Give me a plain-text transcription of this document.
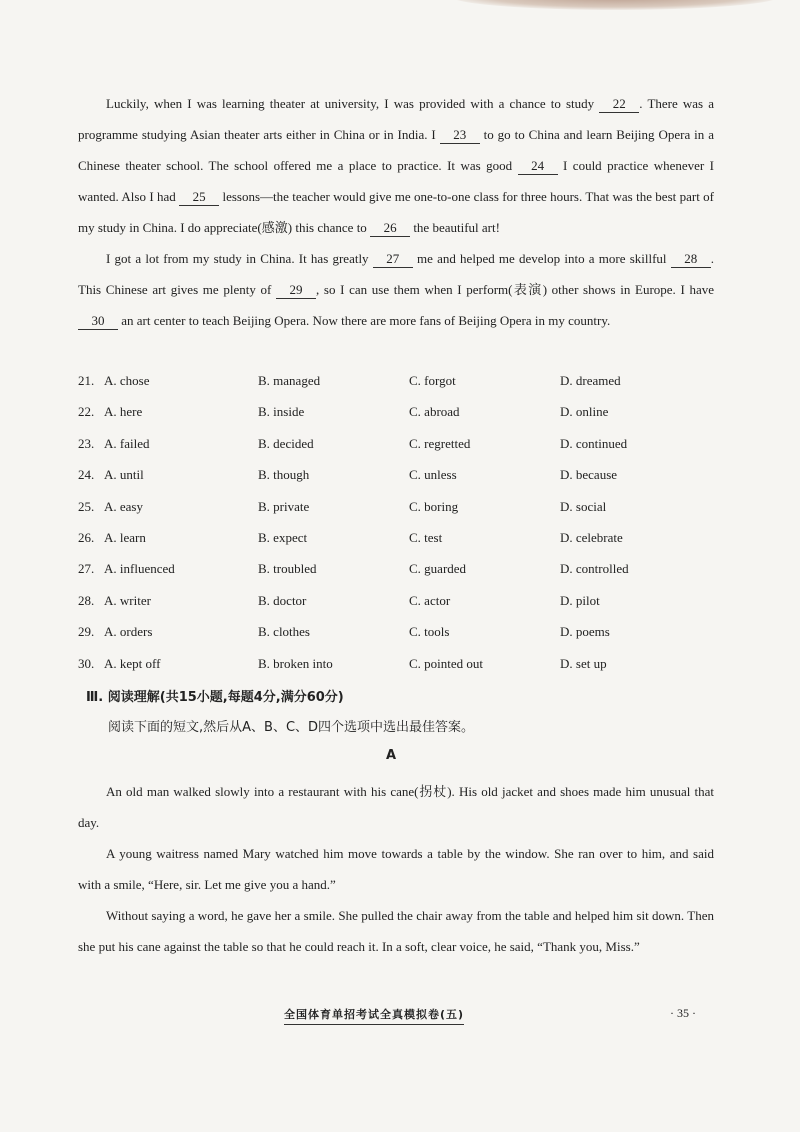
Luckily, when I was learning theater at university, I was provided with a chance to study 22 . There was a programme studying Asian theater arts either in China or in India. I 23 to go to China and learn Beijing Opera in a Chinese theater school. The school offered me a place to practice. It was good 24 I could practice whenever I wanted. Also I had 25 lessons—the teacher would give me one-to-one class for three hours. That was the best part of my study in China. I do appreciate(感激) this chance to 26 the beautiful art!

I got a lot from my study in China. It has greatly 27 me and helped me develop into a more skillful 28 . This Chinese art gives me plenty of 29 , so I can use them when I perform(表演) other shows in Europe. I have 30 an art center to teach Beijing Opera. Now there are more fans of Beijing Opera in my country.

21. A. chose	B. managed	C. forgot	D. dreamed
22. A. here	B. inside	C. abroad	D. online
23. A. failed	B. decided	C. regretted	D. continued
24. A. until	B. though	C. unless	D. because
25. A. easy	B. private	C. boring	D. social
26. A. learn	B. expect	C. test	D. celebrate
27. A. influenced	B. troubled	C. guarded	D. controlled
28. A. writer	B. doctor	C. actor	D. pilot
29. A. orders	B. clothes	C. tools	D. poems
30. A. kept off	B. broken into	C. pointed out	D. set up
Ⅲ. 阅读理解(共15小题,每题4分,满分60分)
阅读下面的短文,然后从A、B、C、D四个选项中选出最佳答案。
A

An old man walked slowly into a restaurant with his cane(拐杖). His old jacket and shoes made him unusual that day.

A young waitress named Mary watched him move towards a table by the window. She ran over to him, and said with a smile, “Here, sir. Let me give you a hand.”

Without saying a word, he gave her a smile. She pulled the chair away from the table and helped him sit down. Then she put his cane against the table so that he could reach it. In a soft, clear voice, he said, “Thank you, Miss.”

全国体育单招考试全真模拟卷(五)	· 35 ·
